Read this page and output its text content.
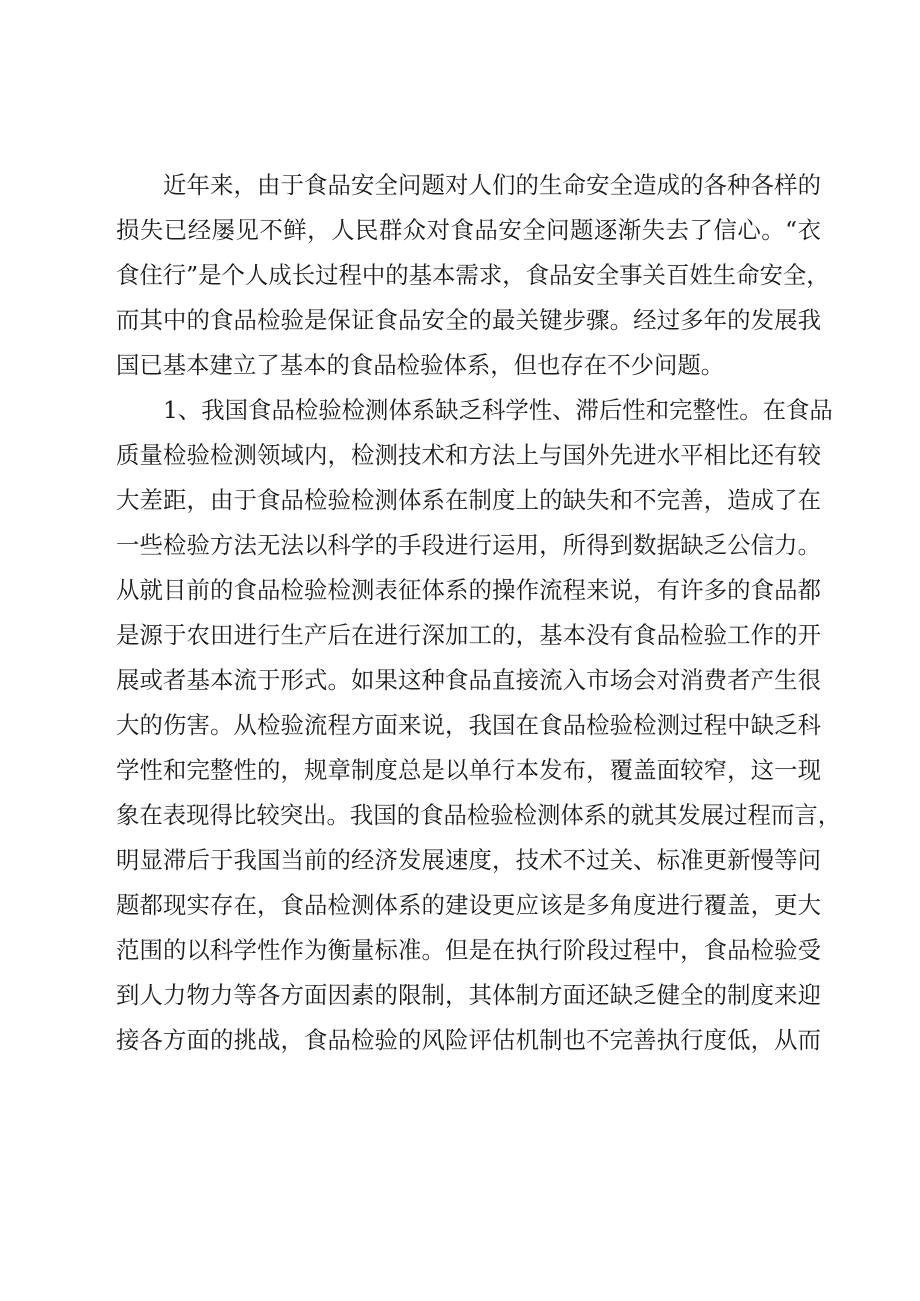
近年来，由于食品安全问题对人们的生命安全造成的各种各样的
损失已经屡见不鲜，人民群众对食品安全问题逐渐失去了信心。“衣
食住行”是个人成长过程中的基本需求，食品安全事关百姓生命安全，
而其中的食品检验是保证食品安全的最关键步骤。经过多年的发展我
国已基本建立了基本的食品检验体系，但也存在不少问题。
1、我国食品检验检测体系缺乏科学性、滞后性和完整性。在食品
质量检验检测领域内，检测技术和方法上与国外先进水平相比还有较
大差距，由于食品检验检测体系在制度上的缺失和不完善，造成了在
一些检验方法无法以科学的手段进行运用，所得到数据缺乏公信力。
从就目前的食品检验检测表征体系的操作流程来说，有许多的食品都
是源于农田进行生产后在进行深加工的，基本没有食品检验工作的开
展或者基本流于形式。如果这种食品直接流入市场会对消费者产生很
大的伤害。从检验流程方面来说，我国在食品检验检测过程中缺乏科
学性和完整性的，规章制度总是以单行本发布，覆盖面较窄，这一现
象在表现得比较突出。我国的食品检验检测体系的就其发展过程而言，
明显滞后于我国当前的经济发展速度，技术不过关、标准更新慢等问
题都现实存在，食品检测体系的建设更应该是多角度进行覆盖，更大
范围的以科学性作为衡量标准。但是在执行阶段过程中，食品检验受
到人力物力等各方面因素的限制，其体制方面还缺乏健全的制度来迎
接各方面的挑战，食品检验的风险评估机制也不完善执行度低，从而
